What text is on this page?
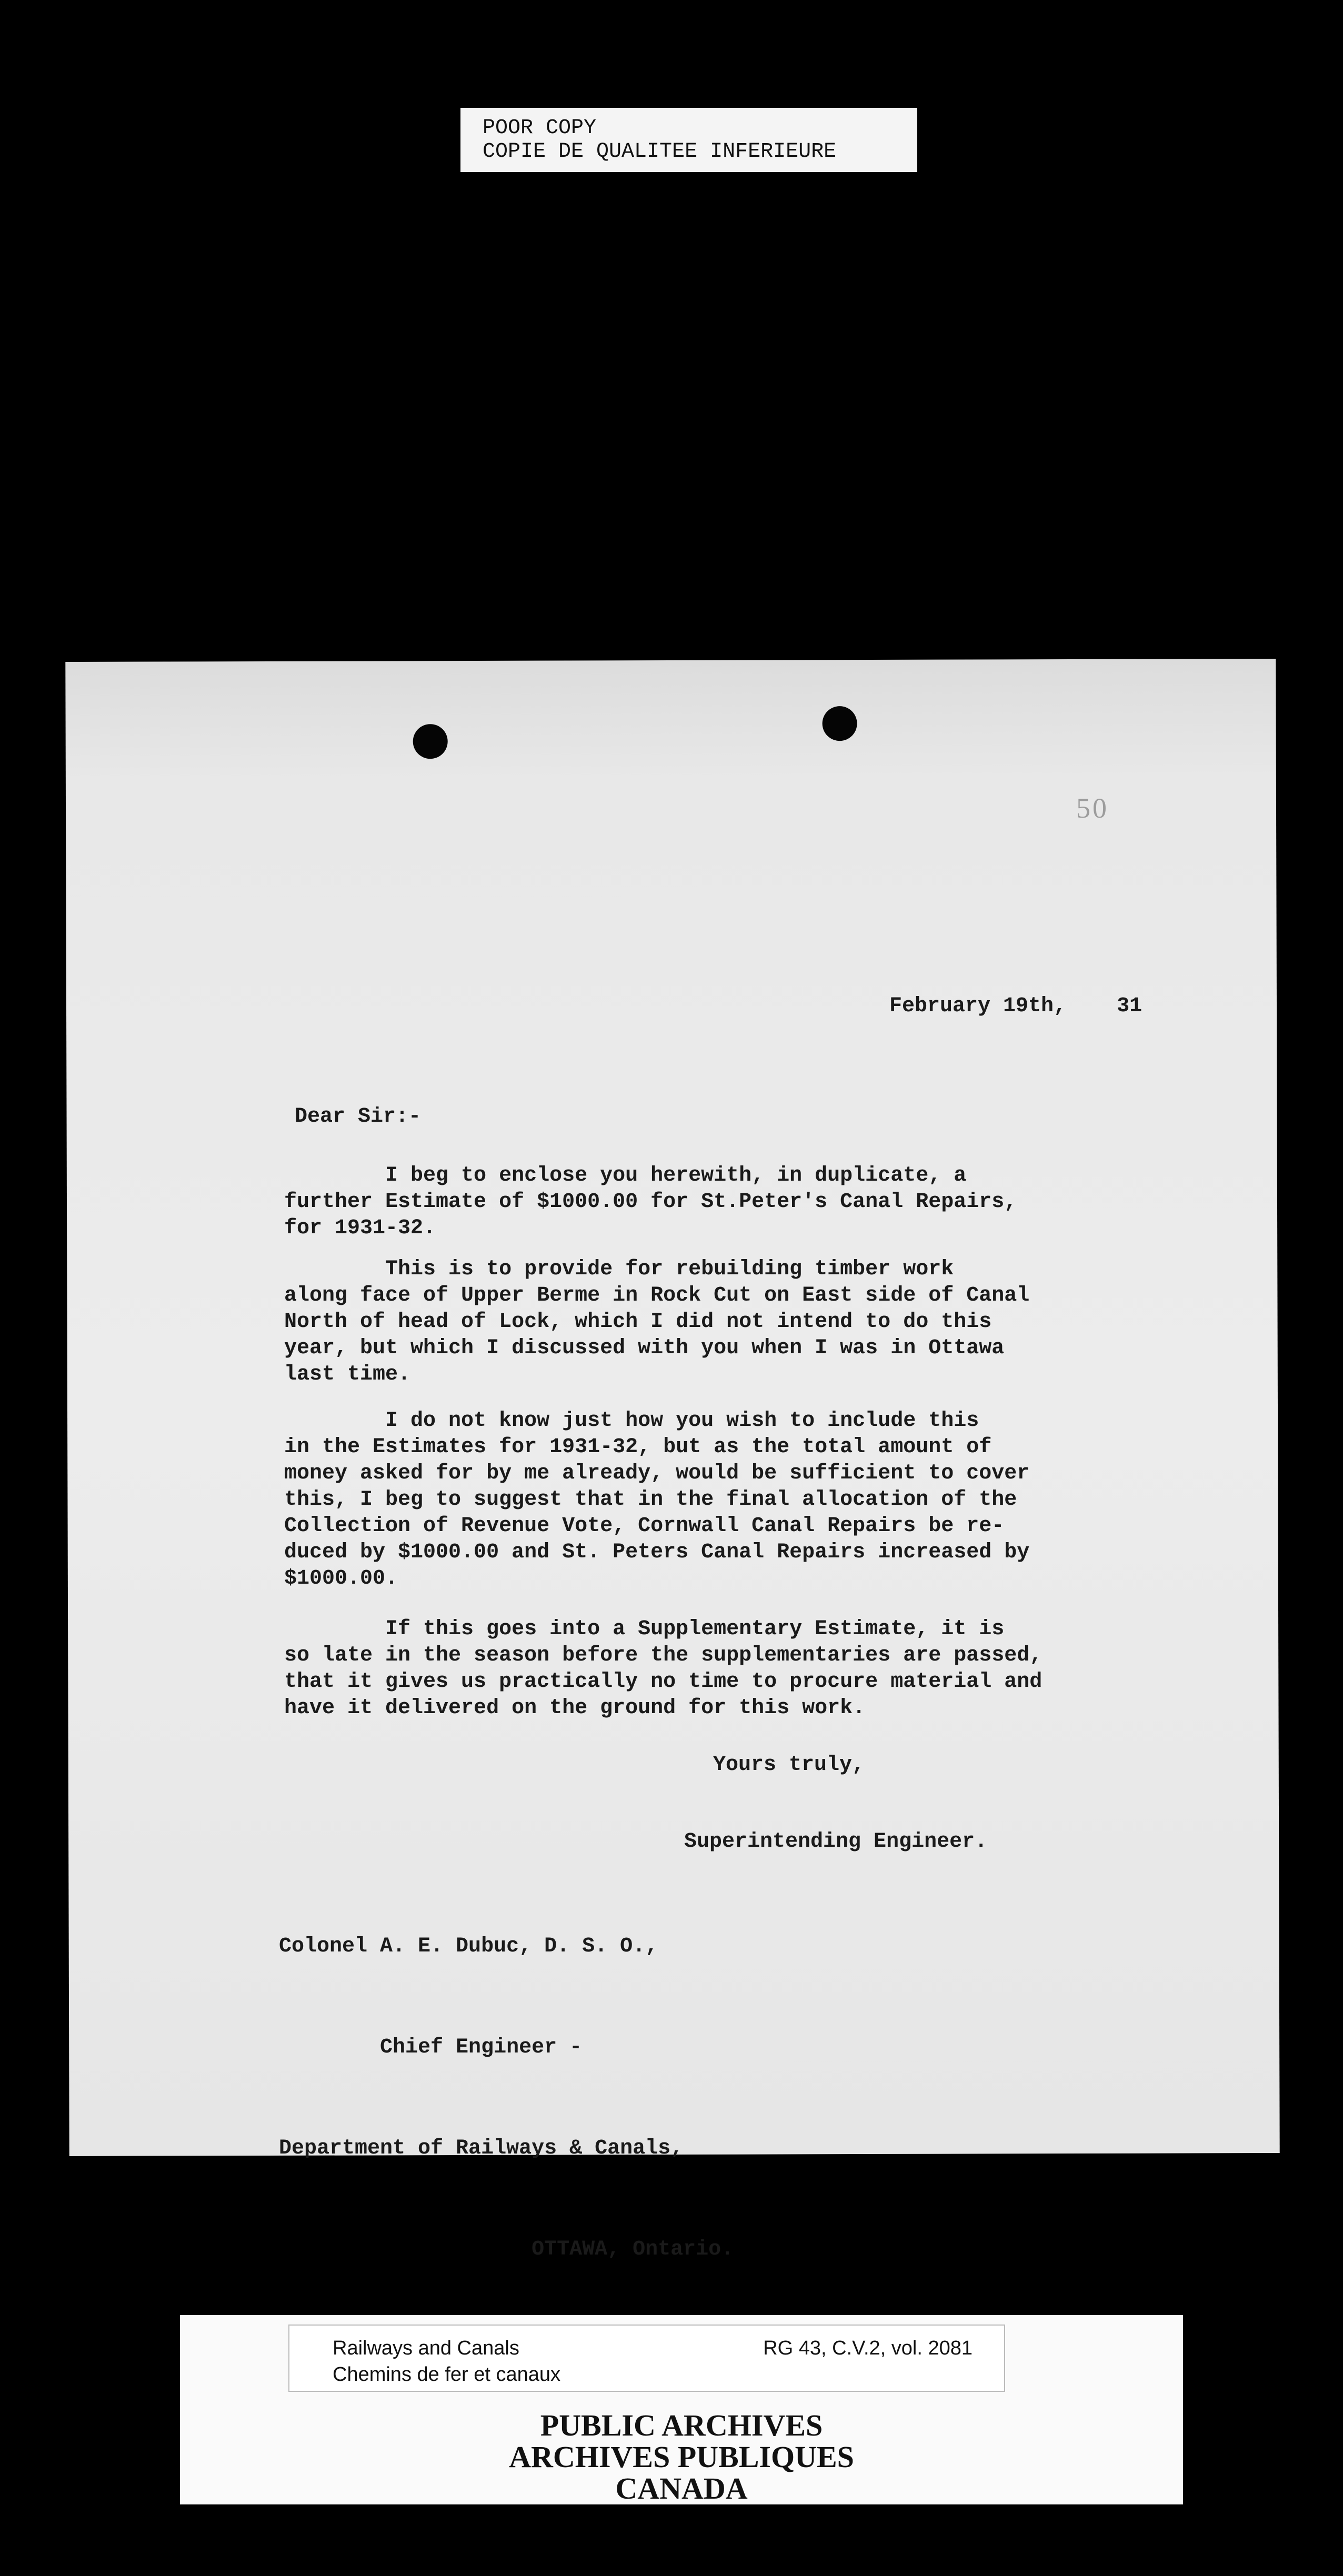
POOR COPY
COPIE DE QUALITEE INFERIEURE
50
February 19th,    31
Dear Sir:-
I beg to enclose you herewith, in duplicate, a
further Estimate of $1000.00 for St.Peter's Canal Repairs,
for 1931-32.
This is to provide for rebuilding timber work
along face of Upper Berme in Rock Cut on East side of Canal
North of head of Lock, which I did not intend to do this
year, but which I discussed with you when I was in Ottawa
last time.
I do not know just how you wish to include this
in the Estimates for 1931-32, but as the total amount of
money asked for by me already, would be sufficient to cover
this, I beg to suggest that in the final allocation of the
Collection of Revenue Vote, Cornwall Canal Repairs be re-
duced by $1000.00 and St. Peters Canal Repairs increased by
$1000.00.
If this goes into a Supplementary Estimate, it is
so late in the season before the supplementaries are passed,
that it gives us practically no time to procure material and
have it delivered on the ground for this work.
Yours truly,
Superintending Engineer.

Colonel A. E. Dubuc, D. S. O.,

Chief Engineer -

Department of Railways & Canals,

OTTAWA, Ontario.

Railways and Canals
Chemins de fer et canaux
RG 43, C.V.2, vol. 2081
PUBLIC ARCHIVES
ARCHIVES PUBLIQUES
CANADA
